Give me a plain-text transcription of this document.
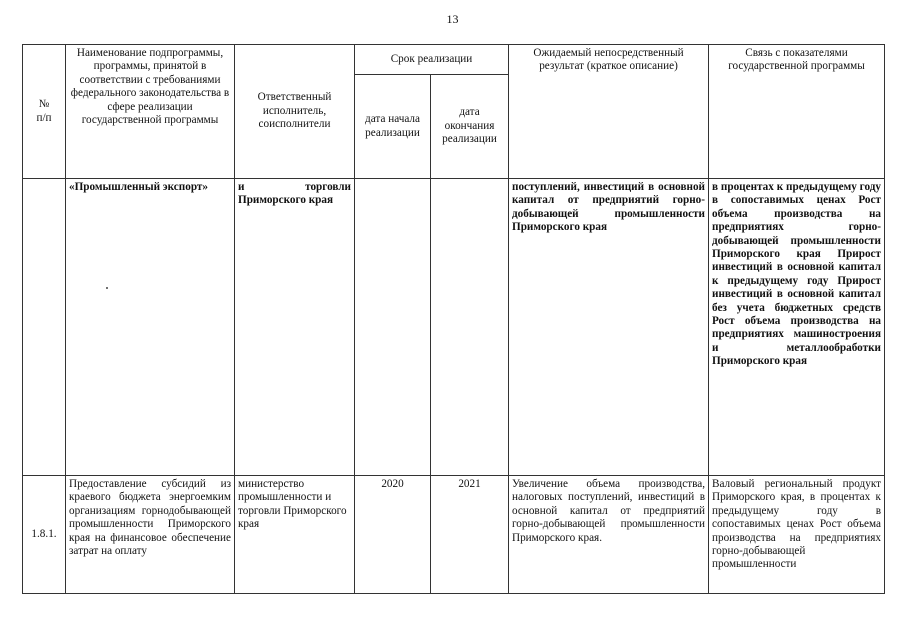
13
№
п/п	Наименование подпрограммы, программы, принятой в соответствии с требованиями федерального законодательства в сфере реализации государственной программы	Ответственный исполнитель, соисполнители	Срок реализации		Ожидаемый непосредственный результат (краткое описание)	Связь с показателями государственной программы
			дата начала реализации	дата окончания реализации		
	«Промышленный экспорт»	и торговли Приморского края			поступлений, инвестиций в основной капитал от предприятий горно-добывающей промышленности Приморского края	в процентах к предыдущему году в сопоставимых ценах Рост объема производства на предприятиях горно-добывающей промышленности Приморского края Прирост инвестиций в основной капитал к предыдущему году Прирост инвестиций в основной капитал без учета бюджетных средств Рост объема производства на предприятиях машиностроения и металлообработки Приморского края
1.8.1.	Предоставление субсидий из краевого бюджета энергоемким организациям горнодобывающей промышленности Приморского края на финансовое обеспечение затрат на оплату	министерство промышленности и торговли Приморского края	2020	2021	Увеличение объема производства, налоговых поступлений, инвестиций в основной капитал от предприятий горно-добывающей промышленности Приморского края.	Валовый региональный продукт Приморского края, в процентах к предыдущему году в сопоставимых ценах Рост объема производства на предприятиях горно-добывающей промышленности
